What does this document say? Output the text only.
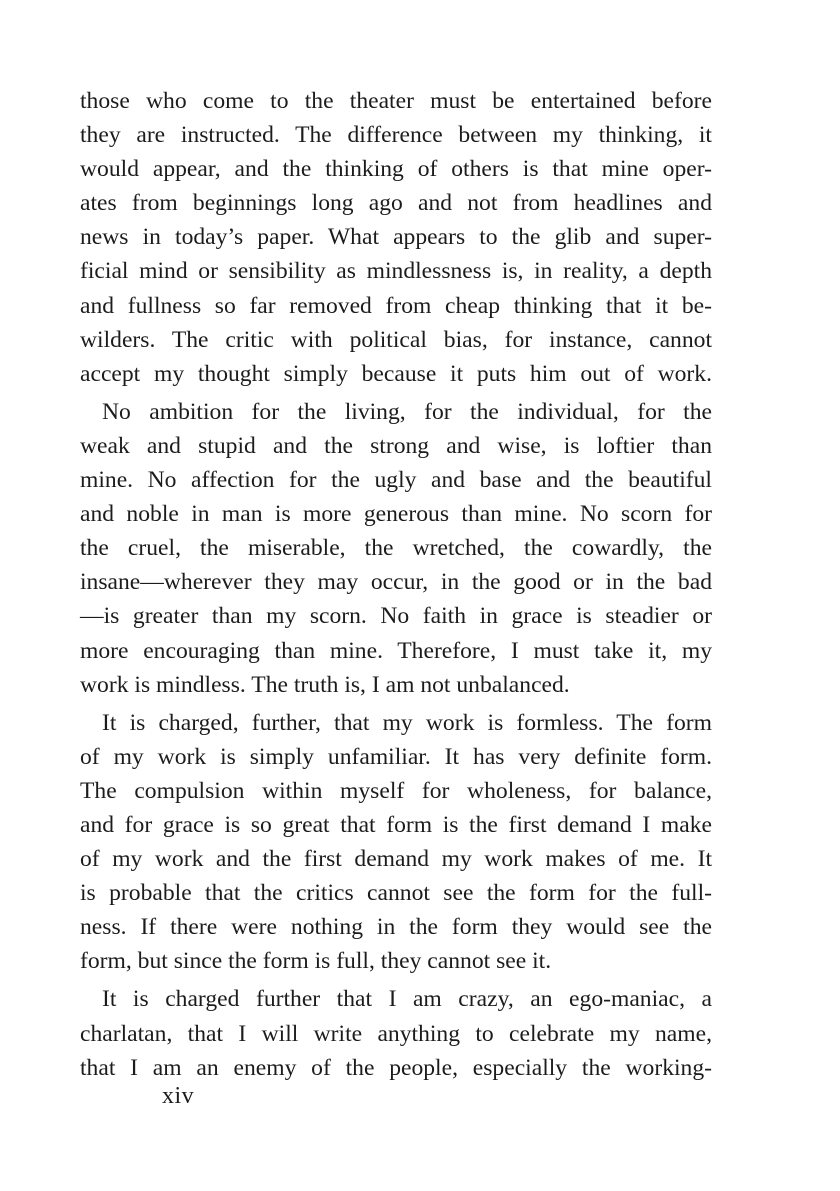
those who come to the theater must be entertained before
they are instructed. The difference between my thinking, it
would appear, and the thinking of others is that mine oper-
ates from beginnings long ago and not from headlines and
news in today’s paper. What appears to the glib and super-
ficial mind or sensibility as mindlessness is, in reality, a depth
and fullness so far removed from cheap thinking that it be-
wilders. The critic with political bias, for instance, cannot
accept my thought simply because it puts him out of work.
No ambition for the living, for the individual, for the
weak and stupid and the strong and wise, is loftier than
mine. No affection for the ugly and base and the beautiful
and noble in man is more generous than mine. No scorn for
the cruel, the miserable, the wretched, the cowardly, the
insane—wherever they may occur, in the good or in the bad
—is greater than my scorn. No faith in grace is steadier or
more encouraging than mine. Therefore, I must take it, my
work is mindless. The truth is, I am not unbalanced.
It is charged, further, that my work is formless. The form
of my work is simply unfamiliar. It has very definite form.
The compulsion within myself for wholeness, for balance,
and for grace is so great that form is the first demand I make
of my work and the first demand my work makes of me. It
is probable that the critics cannot see the form for the full-
ness. If there were nothing in the form they would see the
form, but since the form is full, they cannot see it.
It is charged further that I am crazy, an ego-maniac, a
charlatan, that I will write anything to celebrate my name,
that I am an enemy of the people, especially the working-
xiv
